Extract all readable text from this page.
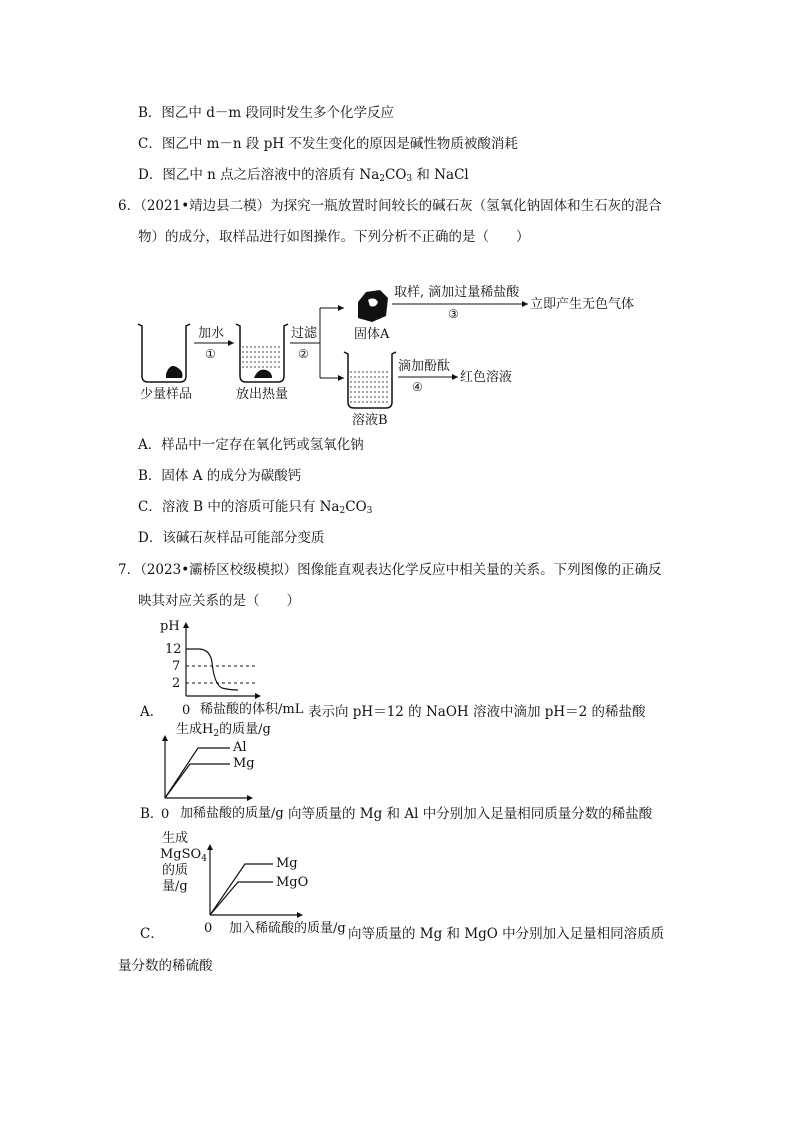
B．图乙中 d－m 段同时发生多个化学反应
C．图乙中 m－n 段 pH 不发生变化的原因是碱性物质被酸消耗
D．图乙中 n 点之后溶液中的溶质有 $Na_2CO_3$ 和 NaCl
6．（2021•靖边县二模）为探究一瓶放置时间较长的碱石灰（氢氧化钠固体和生石灰的混合
物）的成分，取样品进行如图操作。下列分析不正确的是（　　）
少量样品
加水
①
放出热量
过滤
②
固体A
取样, 滴加过量稀盐酸
③
立即产生无色气体
溶液B
滴加酚酞
④
红色溶液
A．样品中一定存在氧化钙或氢氧化钠
B．固体 A 的成分为碳酸钙
C．溶液 B 中的溶质可能只有 $Na_2CO_3$
D．该碱石灰样品可能部分变质
7．（2023•灞桥区校级模拟）图像能直观表达化学反应中相关量的关系。下列图像的正确反
映其对应关系的是（　　）
pH
12
7
2
0 稀盐酸的体积/mL
A．	表示向 pH＝12 的 NaOH 溶液中滴加 pH＝2 的稀盐酸
生成$H_2$的质量/g
Al
Mg
B．
0 加稀盐酸的质量/g 向等质量的 Mg 和 Al 中分别加入足量相同质量分数的稀盐酸
生成
MgSO$_4$
的质
量/g
Mg
MgO
0 加入稀硫酸的质量/g
C．	向等质量的 Mg 和 MgO 中分别加入足量相同溶质质
量分数的稀硫酸
